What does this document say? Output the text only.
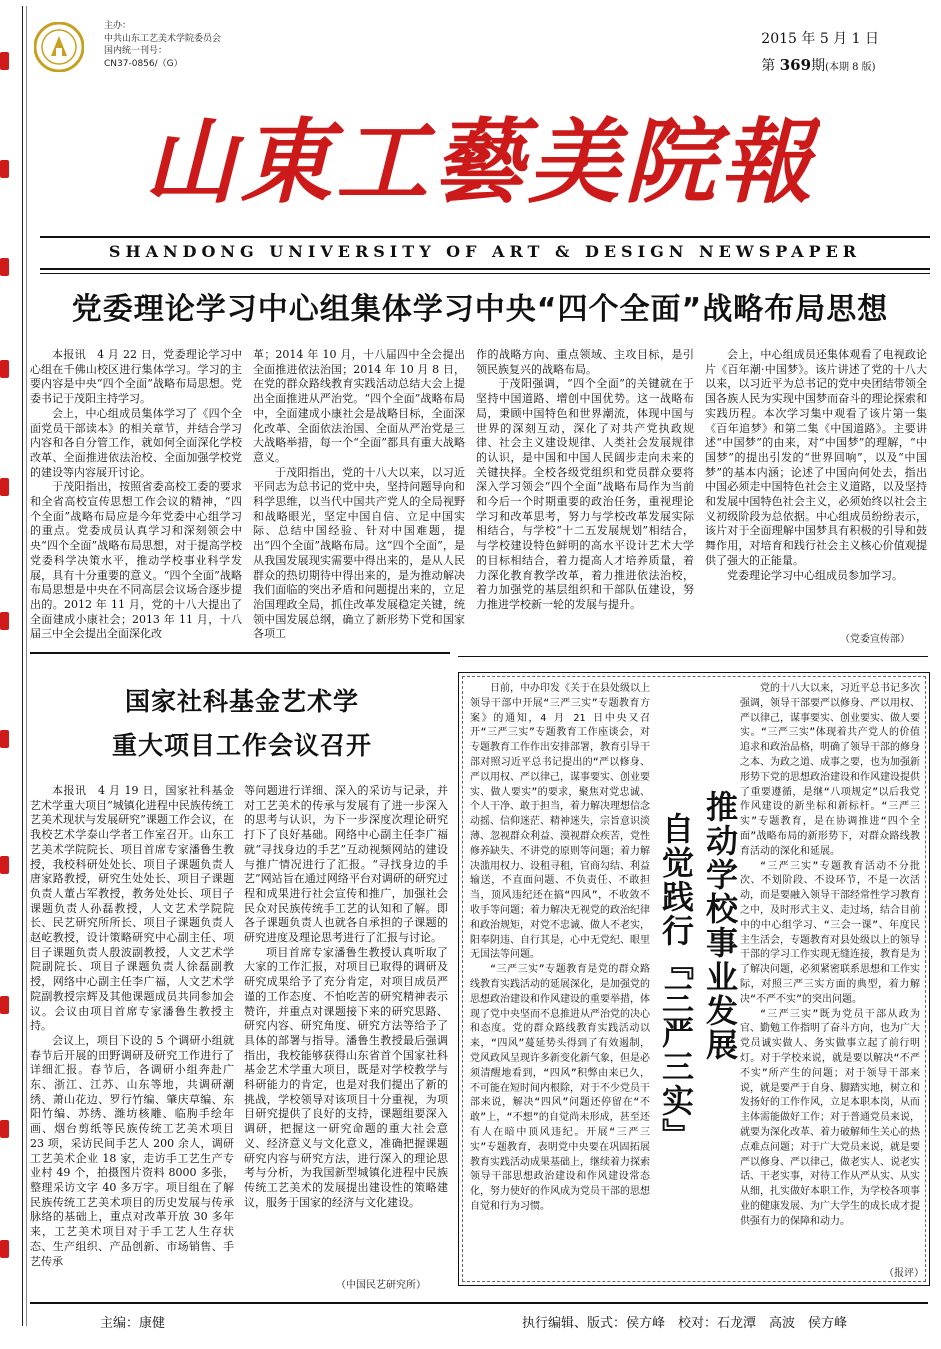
主办：
中共山东工艺美术学院委员会
国内统一刊号：
CN37-0856/（G）
2015 年 5 月 1 日
第 369期(本期 8 版)
山東工藝美院報
SHANDONG UNIVERSITY OF ART & DESIGN NEWSPAPER
党委理论学习中心组集体学习中央“四个全面”战略布局思想

本报讯　4 月 22 日，党委理论学习中心组在千佛山校区进行集体学习。学习的主要内容是中央“四个全面”战略布局思想。党委书记于茂阳主持学习。

会上，中心组成员集体学习了《四个全面党员干部读本》的相关章节，并结合学习内容和各自分管工作，就如何全面深化学校改革、全面推进依法治校、全面加强学校党的建设等内容展开讨论。

于茂阳指出，按照省委高校工委的要求和全省高校宣传思想工作会议的精神，“四个全面”战略布局应是今年党委中心组学习的重点。党委成员认真学习和深刻领会中央“四个全面”战略布局思想，对于提高学校党委科学决策水平，推动学校事业科学发展，具有十分重要的意义。“四个全面”战略布局思想是中央在不同高层会议场合逐步提出的。2012 年 11 月，党的十八大提出了全面建成小康社会；2013 年 11 月，十八届三中全会提出全面深化改

革；2014 年 10 月，十八届四中全会提出全面推进依法治国；2014 年 10 月 8 日，在党的群众路线教育实践活动总结大会上提出全面推进从严治党。“四个全面”战略布局中，全面建成小康社会是战略目标，全面深化改革、全面依法治国、全面从严治党是三大战略举措，每一个“全面”都具有重大战略意义。

于茂阳指出，党的十八大以来，以习近平同志为总书记的党中央，坚持问题导向和科学思维，以当代中国共产党人的全局视野和战略眼光，坚定中国自信、立足中国实际、总结中国经验、针对中国难题，提出“四个全面”战略布局。这“四个全面”，是从我国发展现实需要中得出来的，是从人民群众的热切期待中得出来的，是为推动解决我们面临的突出矛盾和问题提出来的，立足治国理政全局，抓住改革发展稳定关键，统领中国发展总纲，确立了新形势下党和国家各项工

作的战略方向、重点领域、主攻目标，是引领民族复兴的战略布局。

于茂阳强调，“四个全面”的关键就在于坚持中国道路、增创中国优势。这一战略布局，秉顾中国特色和世界潮流，体现中国与世界的深刻互动，深化了对共产党执政规律、社会主义建设规律、人类社会发展规律的认识，是中国和中国人民阔步走向未来的关键抉择。全校各级党组织和党员群众要将深入学习领会“四个全面”战略布局作为当前和今后一个时期重要的政治任务，重视理论学习和改革思考，努力与学校改革发展实际相结合，与学校“十二五发展规划”相结合，与学校建设特色鲜明的高水平设计艺术大学的目标相结合，着力提高人才培养质量，着力深化教育教学改革，着力推进依法治校，着力加强党的基层组织和干部队伍建设，努力推进学校新一轮的发展与提升。

会上，中心组成员还集体观看了电视政论片《百年潮·中国梦》。该片讲述了党的十八大以来，以习近平为总书记的党中央团结带领全国各族人民为实现中国梦而奋斗的理论探索和实践历程。本次学习集中观看了该片第一集《百年追梦》和第二集《中国道路》。主要讲述“中国梦”的由来，对“中国梦”的理解，“中国梦”的提出引发的“世界回响”，以及“中国梦”的基本内涵；论述了中国向何处去，指出中国必须走中国特色社会主义道路，以及坚持和发展中国特色社会主义，必须始终以社会主义初级阶段为总依据。中心组成员纷纷表示，该片对于全面理解中国梦具有积极的引导和鼓舞作用，对培育和践行社会主义核心价值观提供了强大的正能量。

党委理论学习中心组成员参加学习。

（党委宣传部）
国家社科基金艺术学
重大项目工作会议召开

本报讯　4 月 19 日，国家社科基金艺术学重大项目“城镇化进程中民族传统工艺美术现状与发展研究”课题工作会议，在我校艺术学泰山学者工作室召开。山东工艺美术学院院长、项目首席专家潘鲁生教授，我校科研处处长、项目子课题负责人唐家路教授，研究生处处长、项目子课题负责人董占军教授，教务处处长、项目子课题负责人孙磊教授，人文艺术学院院长、民艺研究所所长、项目子课题负责人赵屹教授，设计策略研究中心副主任、项目子课题负责人殷波副教授，人文艺术学院副院长、项目子课题负责人徐磊副教授，网络中心副主任李广福，人文艺术学院副教授宗辉及其他课题成员共同参加会议。会议由项目首席专家潘鲁生教授主持。

会议上，项目下设的 5 个调研小组就春节后开展的田野调研及研究工作进行了详细汇报。春节后，各调研小组奔赴广东、浙江、江苏、山东等地，共调研潮绣、萧山花边、罗行竹编、肇庆草编、东阳竹编、苏绣、潍坊核雕、临朐手绘年画、烟台剪纸等民族传统工艺美术项目 23 项，采访民间手艺人 200 余人，调研工艺美术企业 18 家，走访手工艺生产专业村 49 个，拍摄图片资料 8000 多张，整理采访文字 40 多万字。项目组在了解民族传统工艺美术项目的历史发展与传承脉络的基础上，重点对改革开放 30 多年来，工艺美术项目对于手工艺人生存状态、生产组织、产品创新、市场销售、手艺传承

等问题进行详细、深入的采访与记录，并对工艺美术的传承与发展有了进一步深入的思考与认识，为下一步深度次理论研究打下了良好基础。网络中心副主任李广福就“寻找身边的手艺”互动视频网站的建设与推广情况进行了汇报。“寻找身边的手艺”网站旨在通过网络平台对调研的研究过程和成果进行社会宣传和推广，加强社会民众对民族传统手工艺的认知和了解。即各子课题负责人也就各自承担的子课题的研究进度及理论思考进行了汇报与讨论。

项目首席专家潘鲁生教授认真听取了大家的工作汇报，对项目已取得的调研及研究成果给予了充分肯定，对项目成员严谨的工作态度、不怕吃苦的研究精神表示赞许，并重点对课题接下来的研究思路、研究内容、研究角度、研究方法等给予了具体的部署与指导。潘鲁生教授最后强调指出，我校能够获得山东省首个国家社科基金艺术学重大项目，既是对学校教学与科研能力的肯定，也是对我们提出了新的挑战，学校领导对该项目十分重视，为项目研究提供了良好的支持，课题组要深入调研，把握这一研究命题的重大社会意义、经济意义与文化意义，准确把握课题研究内容与研究方法，进行深入的理论思考与分析，为我国新型城镇化进程中民族传统工艺美术的发展提出建设性的策略建议，服务于国家的经济与文化建设。

（中国民艺研究所）

日前，中办印发《关于在县处级以上领导干部中开展“三严三实”专题教育方案》的通知，4 月 21 日中央又召开“三严三实”专题教育工作座谈会，对专题教育工作作出安排部署，教育引导干部对照习近平总书记提出的“严以修身、严以用权、严以律己，谋事要实、创业要实、做人要实”的要求，聚焦对党忠诚、个人干净、敢于担当，着力解决理想信念动摇、信仰迷茫、精神迷失，宗旨意识淡薄、忽视群众利益、漠视群众疾苦，党性修养缺失、不讲党的原则等问题；着力解决滥用权力、设租寻租，官商勾结、利益输送，不直面问题、不负责任、不敢担当，顶风违纪还在搞“四风”，不收敛不收手等问题；着力解决无视党的政治纪律和政治规矩，对党不忠诚、做人不老实，阳奉阴违、自行其是，心中无党纪、眼里无国法等问题。

“三严三实”专题教育是党的群众路线教育实践活动的延展深化，是加强党的思想政治建设和作风建设的重要举措，体现了党中央坚而不息推进从严治党的决心和态度。党的群众路线教育实践活动以来，“四风”蔓延势头得到了有效遏制，党风政风呈现许多新变化新气象，但是必须清醒地看到，“四风”积弊由来已久，不可能在短时间内根除，对于不少党员干部来说，解决“四风”问题还停留在“不敢”上，“不想”的自觉尚未形成，甚至还有人在暗中顶风违纪。开展“三严三实”专题教育，表明党中央要在巩固拓展教育实践活动成果基础上，继续着力探索领导干部思想政治建设和作风建设常态化，努力使好的作风成为党员干部的思想自觉和行为习惯。

推动学校事业发展
自觉践行『三严三实』

党的十八大以来，习近平总书记多次强调，领导干部要严以修身、严以用权、严以律己，谋事要实、创业要实、做人要实。“三严三实”体现着共产党人的价值追求和政治品格，明确了领导干部的修身之本、为政之道、成事之要，也为加强新形势下党的思想政治建设和作风建设提供了重要遵循，是继“八项规定”以后我党作风建设的新坐标和新标杆。“三严三实”专题教育，是在协调推进“四个全面”战略布局的新形势下，对群众路线教育活动的深化和延展。

“三严三实”专题教育活动不分批次、不划阶段、不设环节，不是一次活动，而是要融入领导干部经常性学习教育之中，及时形式主义、走过场，结合目前中的中心组学习、“三会一课”、年度民主生活会，专题教育对县处级以上的领导干部的学习工作实现无缝连接，教育是为了解决问题，必须紧密联系思想和工作实际，对照三严三实方面的典型，着力解决“不严不实”的突出问题。

“三严三实”既为党员干部从政为官、勤勉工作指明了奋斗方向，也为广大党员诚实做人、务实做事立起了前行明灯。对于学校来说，就是要以解决“不严不实”所产生的问题；对于领导干部来说，就是要严于自身、脚踏实地，树立和发扬好的工作作风，立足本职本岗，从而主体需能做好工作；对于普通党员来说，就要为深化改革、着力破解师生关心的热点难点问题；对于广大党员来说，就是要严以修身、严以律己，做老实人、说老实话、干老实事，对待工作从严从实、从实从细，扎实做好本职工作，为学校各项事业的健康发展、为广大学生的成长成才提供强有力的保障和动力。

（报评）
主编：康健	执行编辑、版式：侯方峰　校对：石龙潭　高波　侯方峰
